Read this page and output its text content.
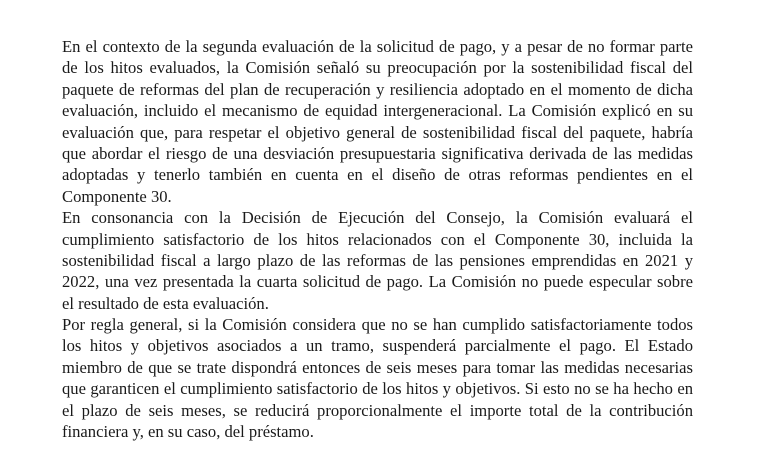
En el contexto de la segunda evaluación de la solicitud de pago, y a pesar de no formar parte
de los hitos evaluados, la Comisión señaló su preocupación por la sostenibilidad fiscal del
paquete de reformas del plan de recuperación y resiliencia adoptado en el momento de dicha
evaluación, incluido el mecanismo de equidad intergeneracional. La Comisión explicó en su
evaluación que, para respetar el objetivo general de sostenibilidad fiscal del paquete, habría
que abordar el riesgo de una desviación presupuestaria significativa derivada de las medidas
adoptadas y tenerlo también en cuenta en el diseño de otras reformas pendientes en el
Componente 30.

En consonancia con la Decisión de Ejecución del Consejo, la Comisión evaluará el
cumplimiento satisfactorio de los hitos relacionados con el Componente 30, incluida la
sostenibilidad fiscal a largo plazo de las reformas de las pensiones emprendidas en 2021 y
2022, una vez presentada la cuarta solicitud de pago. La Comisión no puede especular sobre
el resultado de esta evaluación.

Por regla general, si la Comisión considera que no se han cumplido satisfactoriamente todos
los hitos y objetivos asociados a un tramo, suspenderá parcialmente el pago. El Estado
miembro de que se trate dispondrá entonces de seis meses para tomar las medidas necesarias
que garanticen el cumplimiento satisfactorio de los hitos y objetivos. Si esto no se ha hecho en
el plazo de seis meses, se reducirá proporcionalmente el importe total de la contribución
financiera y, en su caso, del préstamo.
